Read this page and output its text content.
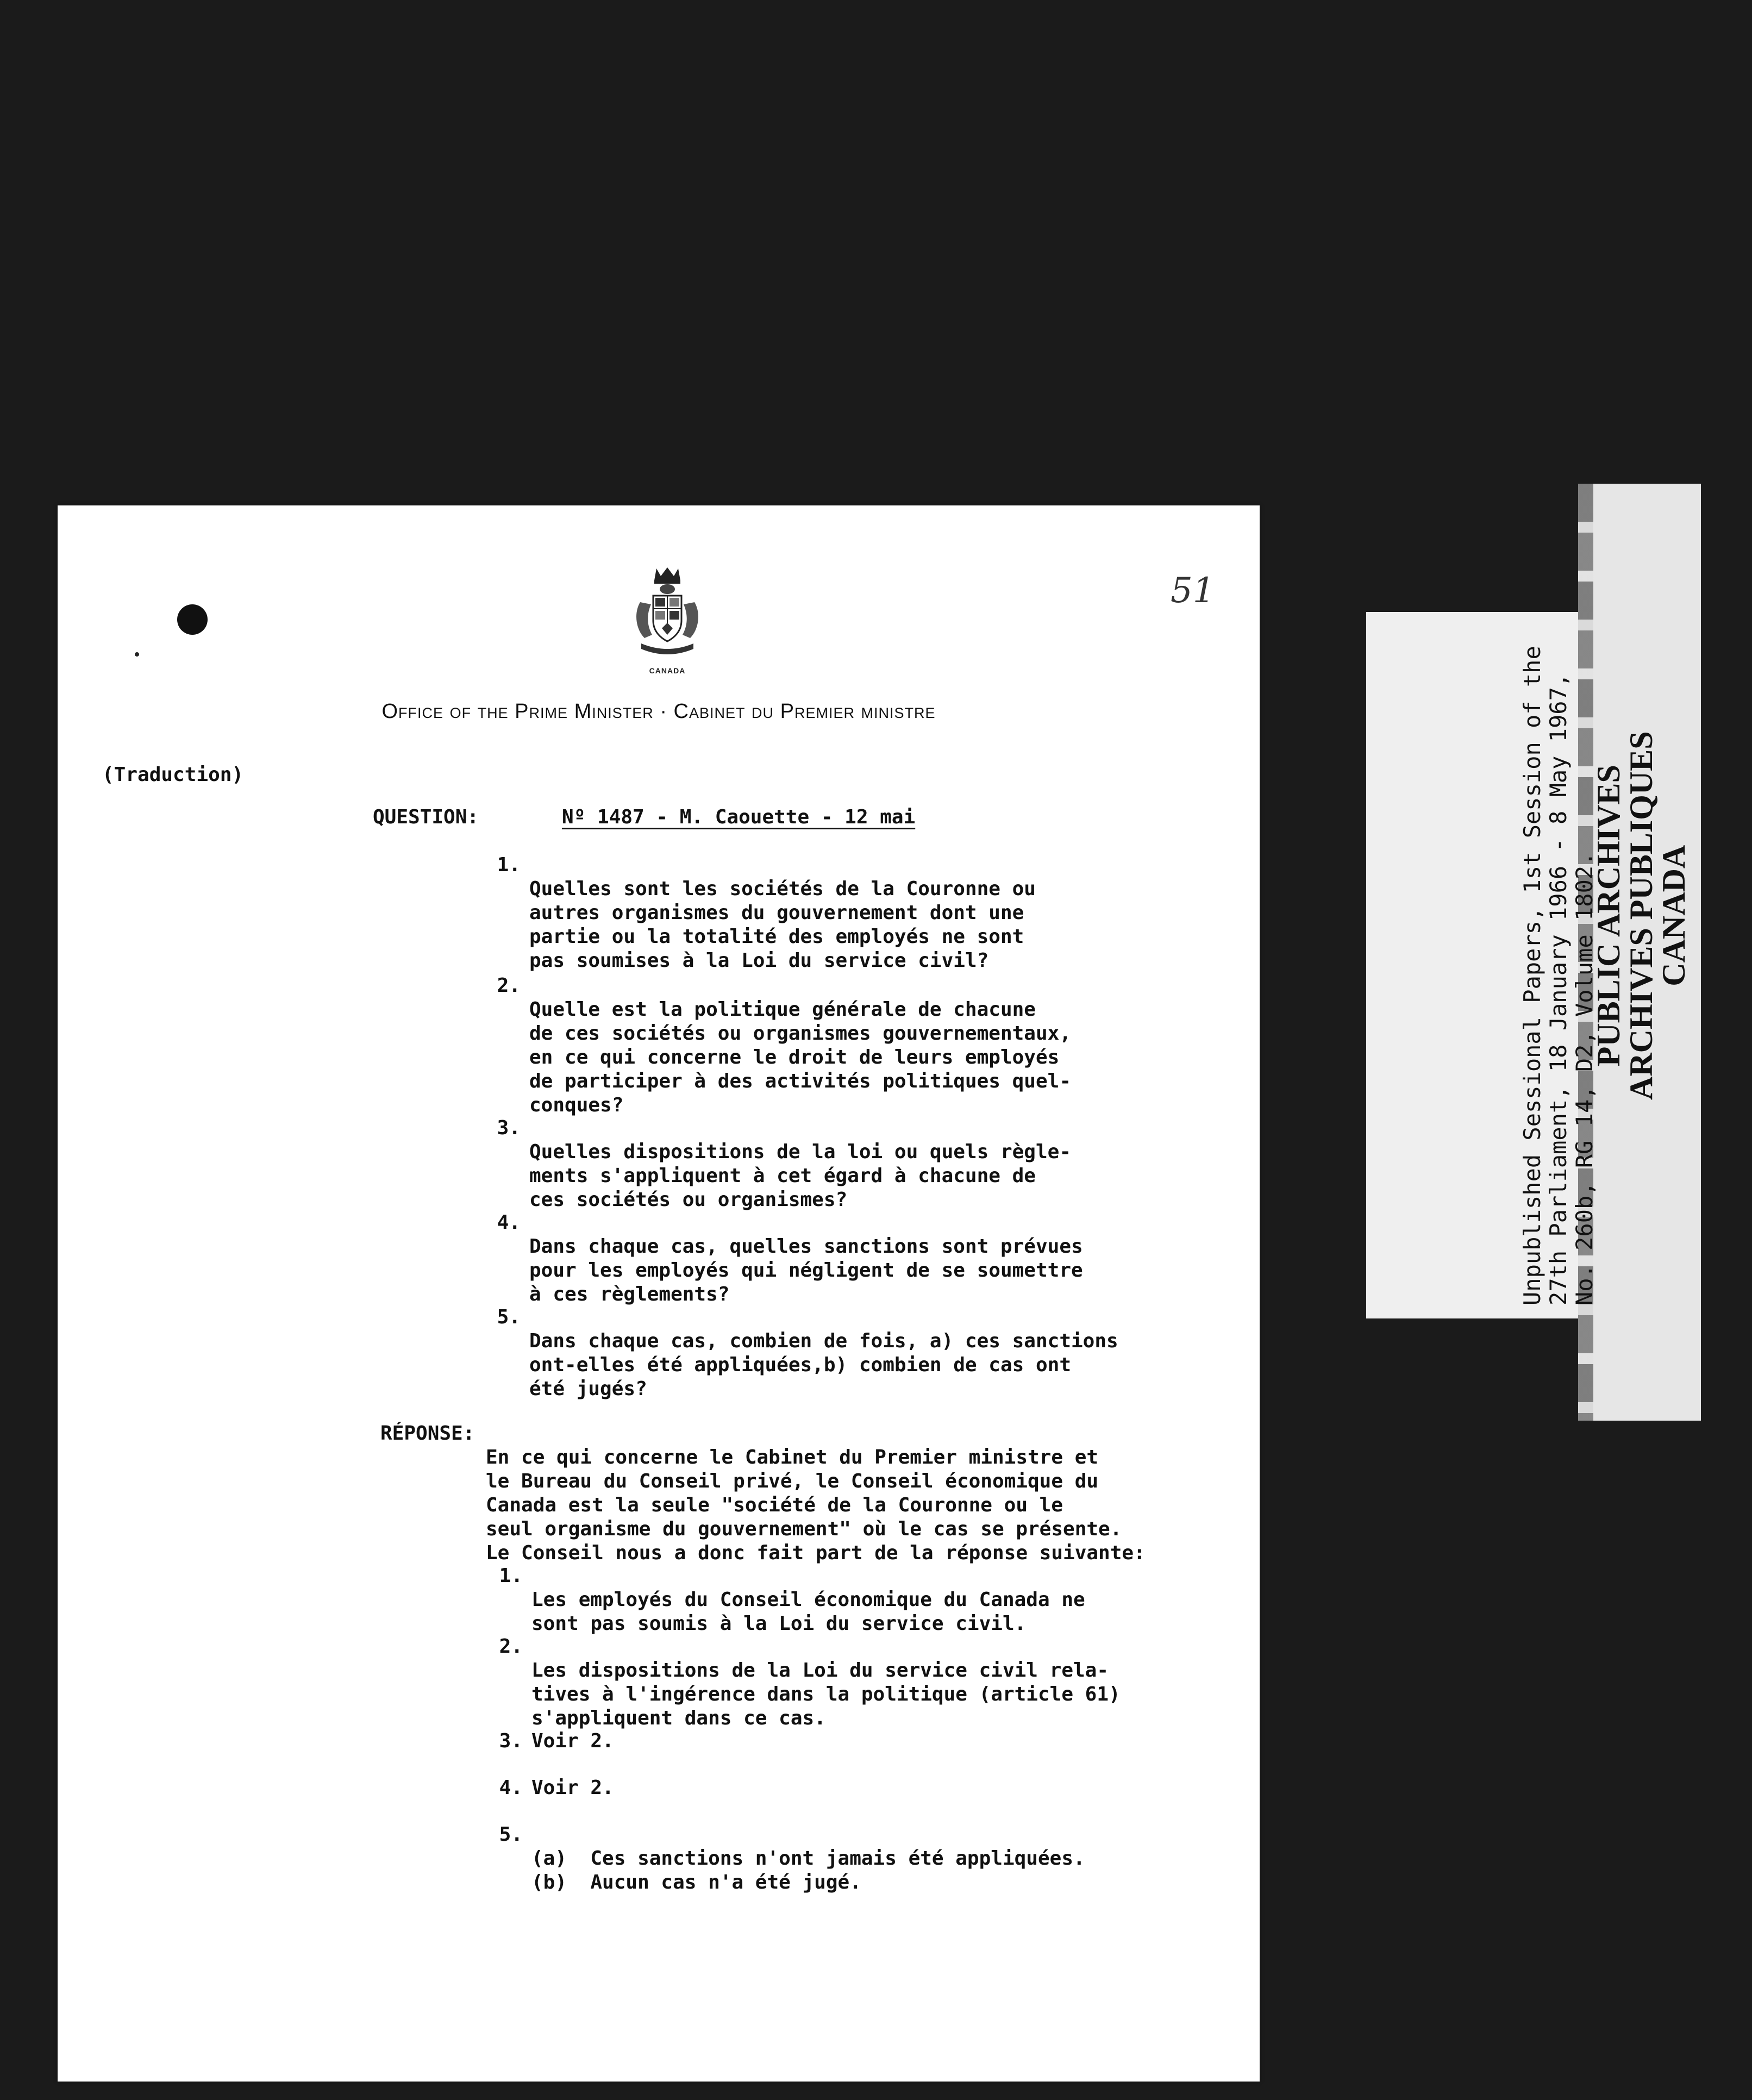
51
CANADA
Office of the Prime Minister · Cabinet du Premier ministre
(Traduction)
QUESTION:	Nº 1487 - M. Caouette - 12 mai
1.

Quelles sont les sociétés de la Couronne ou
autres organismes du gouvernement dont une
partie ou la totalité des employés ne sont
pas soumises à la Loi du service civil?
2.

Quelle est la politique générale de chacune
de ces sociétés ou organismes gouvernementaux,
en ce qui concerne le droit de leurs employés
de participer à des activités politiques quel-
conques?
3.

Quelles dispositions de la loi ou quels règle-
ments s'appliquent à cet égard à chacune de
ces sociétés ou organismes?
4.

Dans chaque cas, quelles sanctions sont prévues
pour les employés qui négligent de se soumettre
à ces règlements?
5.

Dans chaque cas, combien de fois, a) ces sanctions
ont-elles été appliquées,b) combien de cas ont
été jugés?
RÉPONSE:

En ce qui concerne le Cabinet du Premier ministre et
le Bureau du Conseil privé, le Conseil économique du
Canada est la seule "société de la Couronne ou le
seul organisme du gouvernement" où le cas se présente.
Le Conseil nous a donc fait part de la réponse suivante:
1.

Les employés du Conseil économique du Canada ne
sont pas soumis à la Loi du service civil.
2.

Les dispositions de la Loi du service civil rela-
tives à l'ingérence dans la politique (article 61)
s'appliquent dans ce cas.
3. Voir 2.
4. Voir 2.
5.

(a)  Ces sanctions n'ont jamais été appliquées.
(b)  Aucun cas n'a été jugé.
Unpublished Sessional Papers, 1st Session of the
27th Parliament, 18 January 1966 - 8 May 1967,
No. 260b, RG 14, D2, Volume 1802.
PUBLIC ARCHIVES
ARCHIVES PUBLIQUES
CANADA
